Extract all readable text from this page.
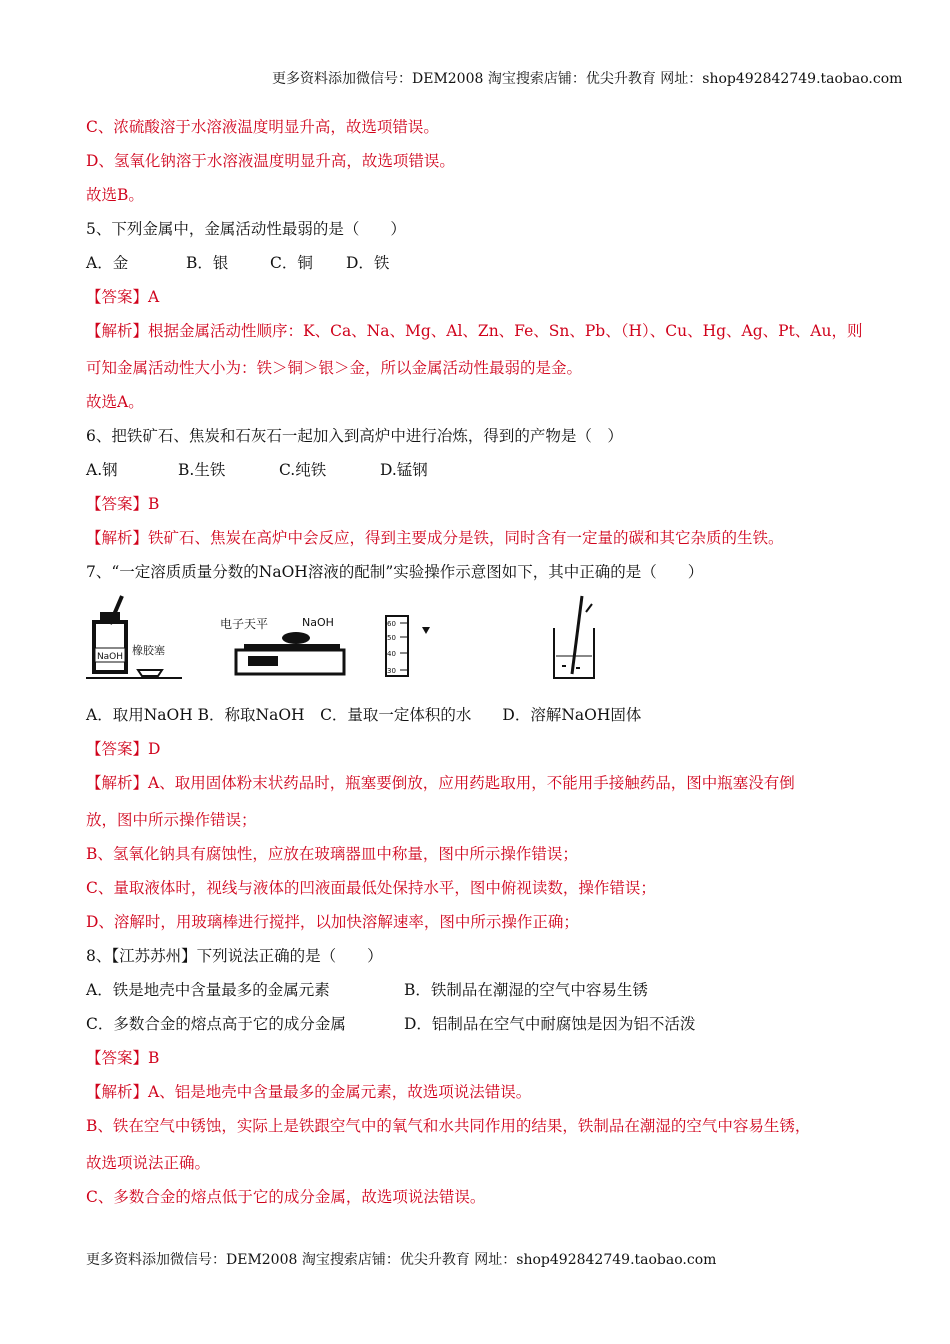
更多资料添加微信号：DEM2008 淘宝搜索店铺：优尖升教育 网址：shop492842749.taobao.com
C、浓硫酸溶于水溶液温度明显升高，故选项错误。
D、氢氧化钠溶于水溶液温度明显升高，故选项错误。
故选B。
5、下列金属中，金属活动性最弱的是（　　）
A．金	B．银	C．铜 D．铁
【答案】A
【解析】根据金属活动性顺序：K、Ca、Na、Mg、Al、Zn、Fe、Sn、Pb、（H）、Cu、Hg、Ag、Pt、Au，则
可知金属活动性大小为：铁＞铜＞银＞金，所以金属活动性最弱的是金。
故选A。
6、把铁矿石、焦炭和石灰石一起加入到高炉中进行冶炼，得到的产物是（　）
A.钢	B.生铁	C.纯铁	D.锰钢
【答案】B
【解析】铁矿石、焦炭在高炉中会反应，得到主要成分是铁，同时含有一定量的碳和其它杂质的生铁。
7、“一定溶质质量分数的NaOH溶液的配制”实验操作示意图如下，其中正确的是（　　）
NaOH 橡胶塞
电子天平	NaOH	60
50
40
30
A．取用NaOH B．称取NaOH　C．量取一定体积的水　　D．溶解NaOH固体
【答案】D
【解析】A、取用固体粉末状药品时，瓶塞要倒放，应用药匙取用，不能用手接触药品，图中瓶塞没有倒
放，图中所示操作错误；
B、氢氧化钠具有腐蚀性，应放在玻璃器皿中称量，图中所示操作错误；
C、量取液体时，视线与液体的凹液面最低处保持水平，图中俯视读数，操作错误；
D、溶解时，用玻璃棒进行搅拌，以加快溶解速率，图中所示操作正确；
8、【江苏苏州】下列说法正确的是（　　）
A．铁是地壳中含量最多的金属元素	B．铁制品在潮湿的空气中容易生锈
C．多数合金的熔点高于它的成分金属	D．铝制品在空气中耐腐蚀是因为铝不活泼
【答案】B
【解析】A、铝是地壳中含量最多的金属元素，故选项说法错误。
B、铁在空气中锈蚀，实际上是铁跟空气中的氧气和水共同作用的结果，铁制品在潮湿的空气中容易生锈，
故选项说法正确。
C、多数合金的熔点低于它的成分金属，故选项说法错误。
更多资料添加微信号：DEM2008 淘宝搜索店铺：优尖升教育 网址：shop492842749.taobao.com
